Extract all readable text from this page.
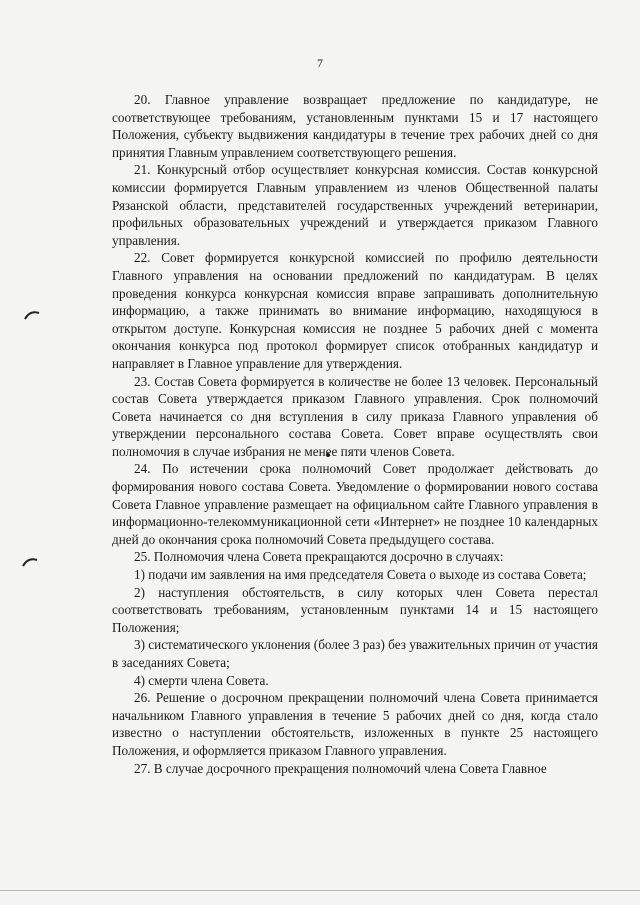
7

20. Главное управление возвращает предложение по кандидатуре, не соответствующее требованиям, установленным пунктами 15 и 17 настоящего Положения, субъекту выдвижения кандидатуры в течение трех рабочих дней со дня принятия Главным управлением соответствующего решения.

21. Конкурсный отбор осуществляет конкурсная комиссия. Состав конкурсной комиссии формируется Главным управлением из членов Общественной палаты Рязанской области, представителей государственных учреждений ветеринарии, профильных образовательных учреждений и утверждается приказом Главного управления.

22. Совет формируется конкурсной комиссией по профилю деятельности Главного управления на основании предложений по кандидатурам. В целях проведения конкурса конкурсная комиссия вправе запрашивать дополнительную информацию, а также принимать во внимание информацию, находящуюся в открытом доступе. Конкурсная комиссия не позднее 5 рабочих дней с момента окончания конкурса под протокол формирует список отобранных кандидатур и направляет в Главное управление для утверждения.

23. Состав Совета формируется в количестве не более 13 человек. Персональный состав Совета утверждается приказом Главного управления. Срок полномочий Совета начинается со дня вступления в силу приказа Главного управления об утверждении персонального состава Совета. Совет вправе осуществлять свои полномочия в случае избрания не менее пяти членов Совета.

24. По истечении срока полномочий Совет продолжает действовать до формирования нового состава Совета. Уведомление о формировании нового состава Совета Главное управление размещает на официальном сайте Главного управления в информационно-телекоммуникационной сети «Интернет» не позднее 10 календарных дней до окончания срока полномочий Совета предыдущего состава.

25. Полномочия члена Совета прекращаются досрочно в случаях:

1) подачи им заявления на имя председателя Совета о выходе из состава Совета;

2) наступления обстоятельств, в силу которых член Совета перестал соответствовать требованиям, установленным пунктами 14 и 15 настоящего Положения;

3) систематического уклонения (более 3 раз) без уважительных причин от участия в заседаниях Совета;

4) смерти члена Совета.

26. Решение о досрочном прекращении полномочий члена Совета принимается начальником Главного управления в течение 5 рабочих дней со дня, когда стало известно о наступлении обстоятельств, изложенных в пункте 25 настоящего Положения, и оформляется приказом Главного управления.

27. В случае досрочного прекращения полномочий члена Совета Главное
